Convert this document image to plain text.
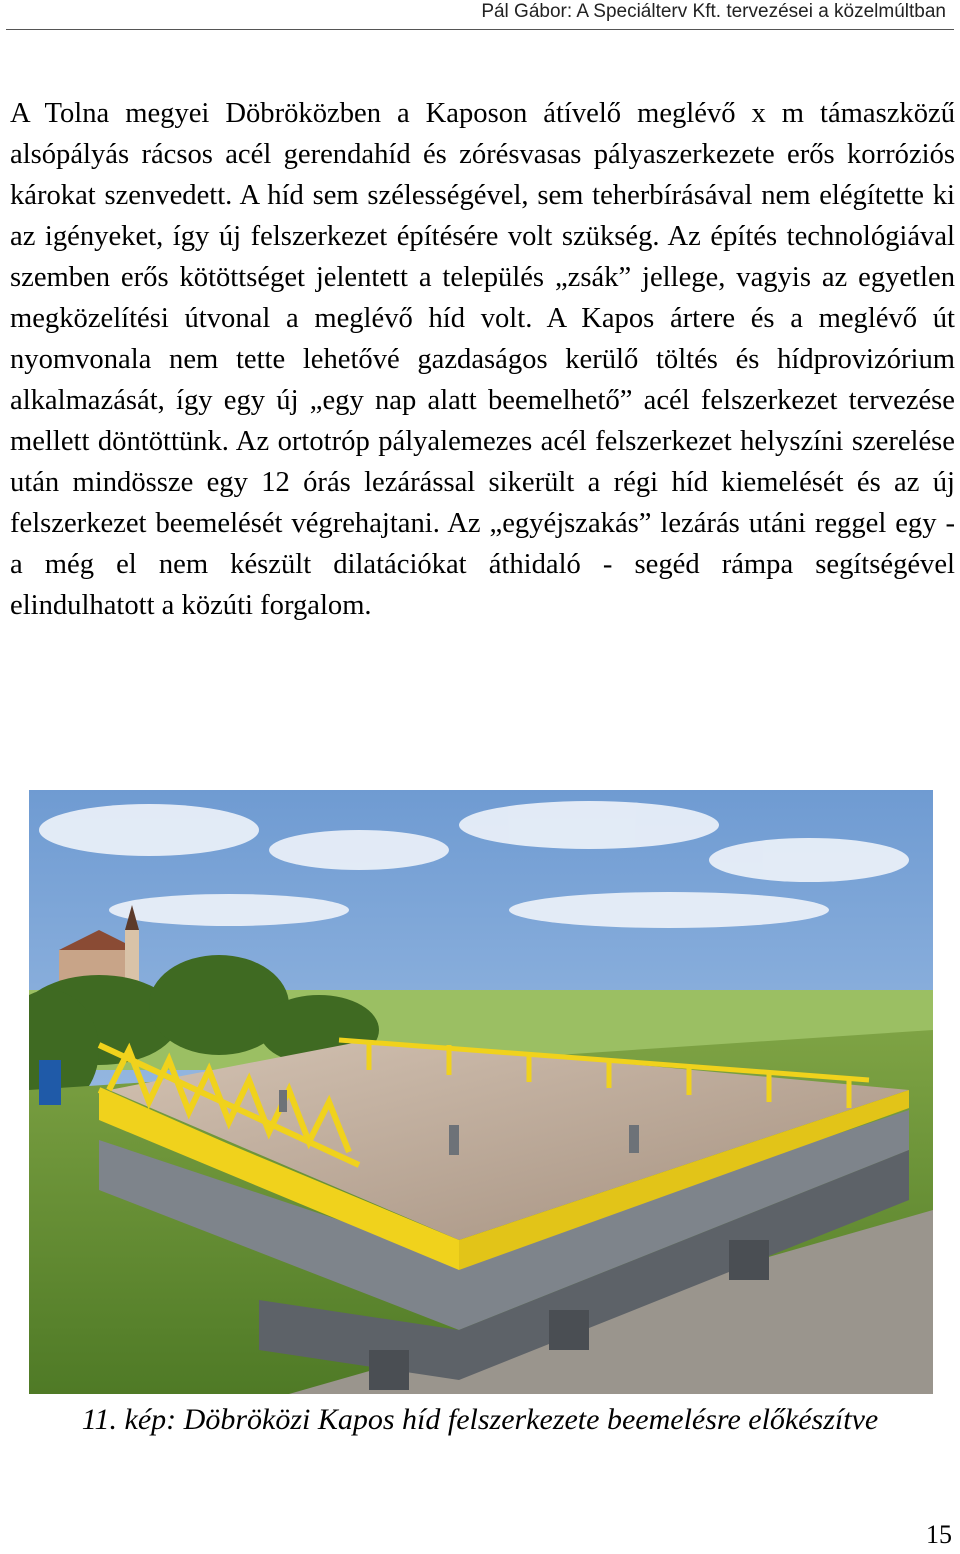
Pál Gábor: A Speciálterv Kft. tervezései a közelmúltban

A Tolna megyei Döbröközben a Kaposon átívelő meglévő x m támaszközű alsópályás rácsos acél gerendahíd és zórésvasas pályaszerkezete erős korróziós károkat szenvedett. A híd sem szélességével, sem teherbírásával nem elégítette ki az igényeket, így új felszerkezet építésére volt szükség. Az építés technológiával szemben erős kötöttséget jelentett a település „zsák” jellege, vagyis az egyetlen megközelítési útvonal a meglévő híd volt. A Kapos ártere és a meglévő út nyomvonala nem tette lehetővé gazdaságos kerülő töltés és hídprovizórium alkalmazását, így egy új „egy nap alatt beemelhető” acél felszerkezet tervezése mellett döntöttünk. Az ortotróp pályalemezes acél felszerkezet helyszíni szerelése után mindössze egy 12 órás lezárással sikerült a régi híd kiemelését és az új felszerkezet beemelését végrehajtani. Az „egyéjszakás” lezárás utáni reggel egy - a még el nem készült dilatációkat áthidaló - segéd rámpa segítségével elindulhatott a közúti forgalom.

11. kép: Döbröközi Kapos híd felszerkezete beemelésre előkészítve
15
